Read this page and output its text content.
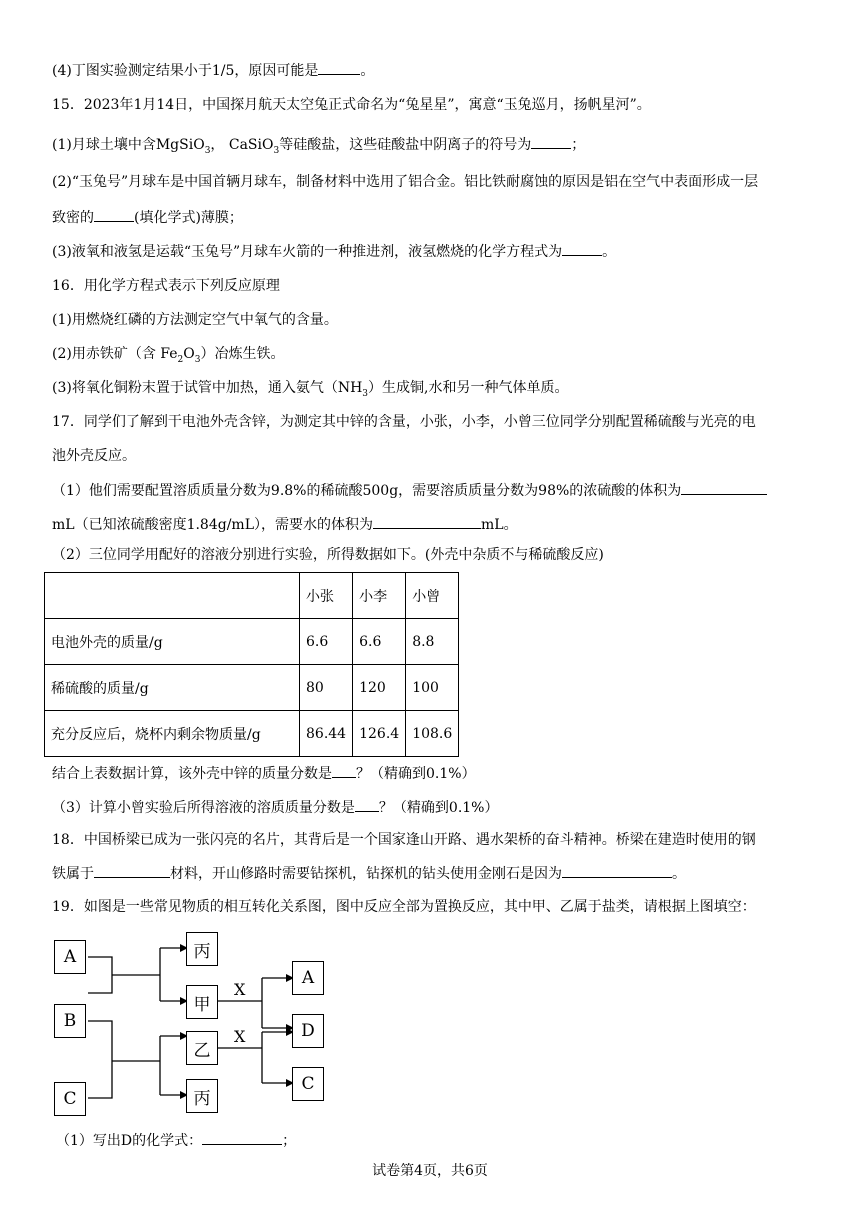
(4)丁图实验测定结果小于1/5，原因可能是	。
15．2023年1月14日，中国探月航天太空兔正式命名为“兔星星”，寓意“玉兔巡月，扬帆星河”。
(1)月球土壤中含MgSiO$_3$， CaSiO$_3$等硅酸盐，这些硅酸盐中阴离子的符号为	；
(2)“玉兔号”月球车是中国首辆月球车，制备材料中选用了铝合金。铝比铁耐腐蚀的原因是铝在空气中表面形成一层
致密的	(填化学式)薄膜；
(3)液氧和液氢是运载“玉兔号”月球车火箭的一种推进剂，液氢燃烧的化学方程式为	。
16．用化学方程式表示下列反应原理
(1)用燃烧红磷的方法测定空气中氧气的含量。
(2)用赤铁矿（含 $Fe_2O_3$）冶炼生铁。
(3)将氧化铜粉末置于试管中加热，通入氨气$(NH_3)$生成铜,水和另一种气体单质。
17．同学们了解到干电池外壳含锌，为测定其中锌的含量，小张，小李，小曾三位同学分别配置稀硫酸与光亮的电
池外壳反应。
（1）他们需要配置溶质质量分数为9.8%的稀硫酸500g，需要溶质质量分数为98%的浓硫酸的体积为
mL（已知浓硫酸密度1.84g/mL），需要水的体积为	mL。
（2）三位同学用配好的溶液分别进行实验，所得数据如下。(外壳中杂质不与稀硫酸反应)
	小张	小李	小曾
电池外壳的质量/g	6.6	6.6	8.8
稀硫酸的质量/g	80	120	100
充分反应后，烧杯内剩余物质量/g	86.44	126.4	108.6
结合上表数据计算，该外壳中锌的质量分数是 ？（精确到0.1%）
（3）计算小曾实验后所得溶液的溶质质量分数是 ？（精确到0.1%）
18．中国桥梁已成为一张闪亮的名片，其背后是一个国家逢山开路、遇水架桥的奋斗精神。桥梁在建造时使用的钢
铁属于	材料，开山修路时需要钻探机，钻探机的钻头使用金刚石是因为	。
19．如图是一些常见物质的相互转化关系图，图中反应全部为置换反应，其中甲、乙属于盐类，请根据上图填空：
A
B
C
丙
甲
乙
丙
A
D
C
X
X
（1）写出D的化学式：	；
试卷第4页，共6页
